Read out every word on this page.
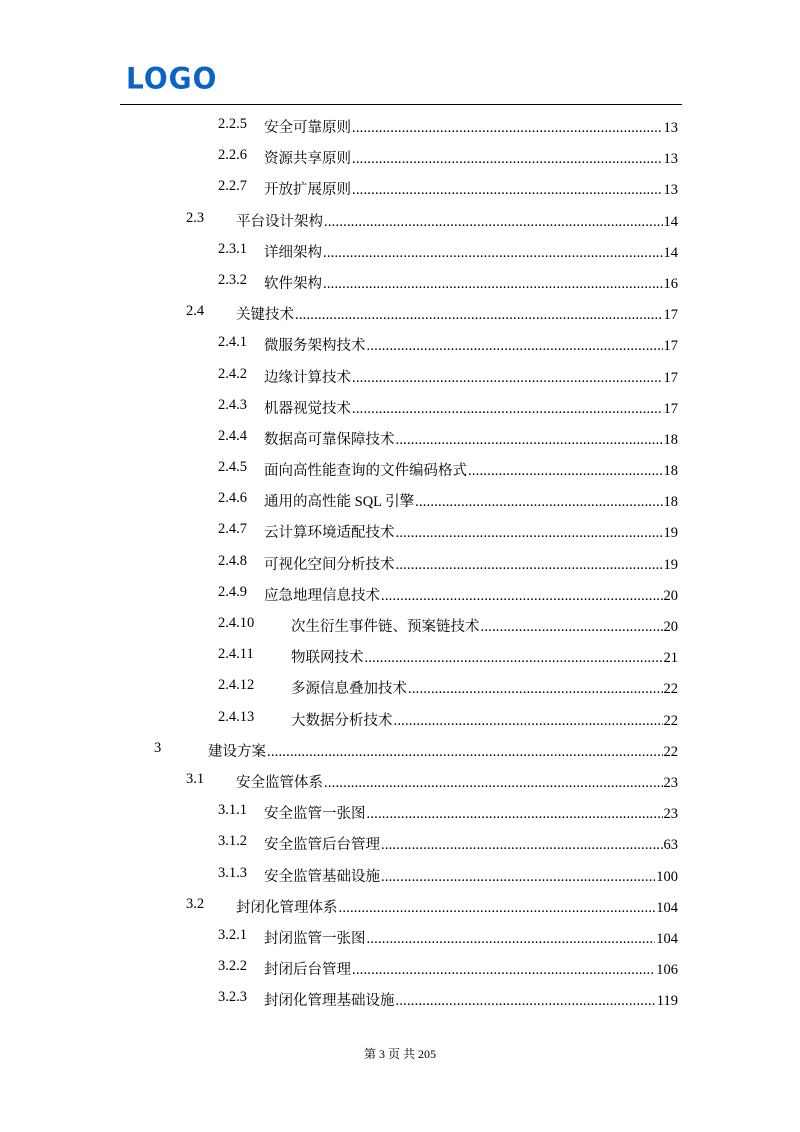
LOGO
2.2.5 安全可靠原则 .....	13
2.2.6 资源共享原则 .....	13
2.2.7 开放扩展原则 .....	13
2.3 平台设计架构 .....	14
2.3.1 详细架构 .....	14
2.3.2 软件架构 .....	16
2.4 关键技术 .....	17
2.4.1 微服务架构技术 .....	17
2.4.2 边缘计算技术 .....	17
2.4.3 机器视觉技术 .....	17
2.4.4 数据高可靠保障技术 .....	18
2.4.5 面向高性能查询的文件编码格式 .....	18
2.4.6 通用的高性能 SQL 引擎 .....	18
2.4.7 云计算环境适配技术 .....	19
2.4.8 可视化空间分析技术 .....	19
2.4.9 应急地理信息技术 .....	20
2.4.10	次生衍生事件链、预案链技术 .....	20
2.4.11	物联网技术 .....	21
2.4.12	多源信息叠加技术 .....	22
2.4.13	大数据分析技术 .....	22
3	建设方案 .....	22
3.1 安全监管体系 .....	23
3.1.1 安全监管一张图 .....	23
3.1.2 安全监管后台管理 .....	63
3.1.3 安全监管基础设施 .....	100
3.2 封闭化管理体系 .....	104
3.2.1 封闭监管一张图 .....	104
3.2.2 封闭后台管理 .....	106
3.2.3 封闭化管理基础设施 .....	119
第 3 页 共 205
